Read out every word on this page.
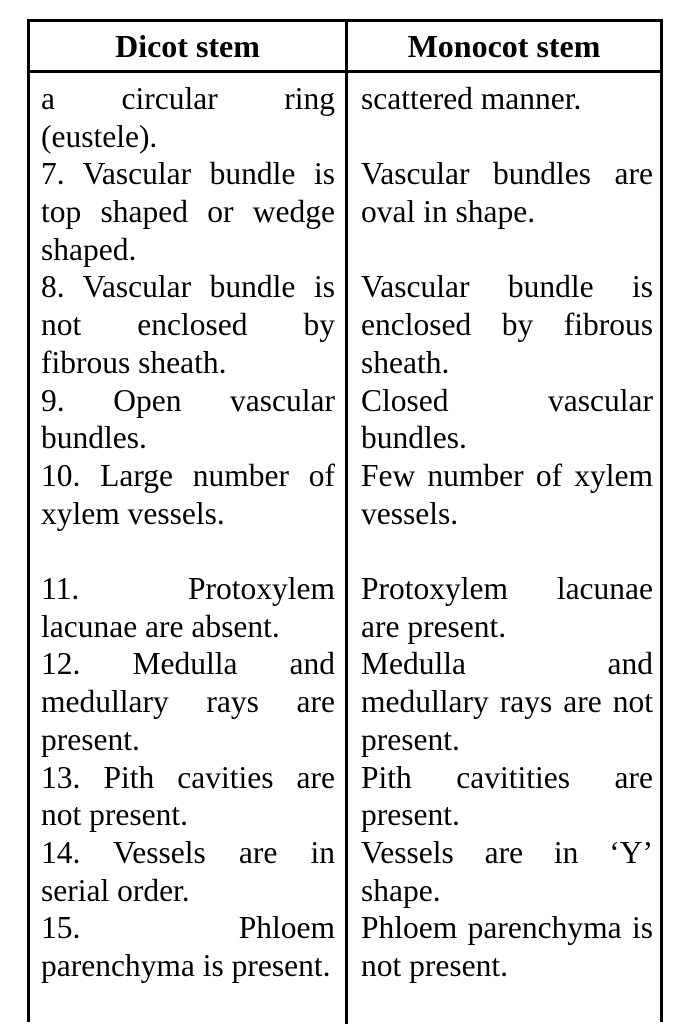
Dicot stem	Monocot stem

a circular ring (eustele).

7. Vascular bundle is top shaped or wedge shaped.

8. Vascular bundle is not enclosed by fibrous sheath.

9. Open vascular bundles.

10. Large number of xylem vessels.

11. Protoxylem lacunae are absent.

12. Medulla and medullary rays are present.

13. Pith cavities are not present.

14. Vessels are in serial order.

15. Phloem parenchyma is present.

scattered manner.

Vascular bundles are oval in shape.

Vascular bundle is enclosed by fibrous sheath.

Closed vascular bundles.

Few number of xylem vessels.

Protoxylem lacunae are present.

Medulla and medullary rays are not present.

Pith cavitities are present.

Vessels are in ‘Y’ shape.

Phloem parenchyma is not present.
